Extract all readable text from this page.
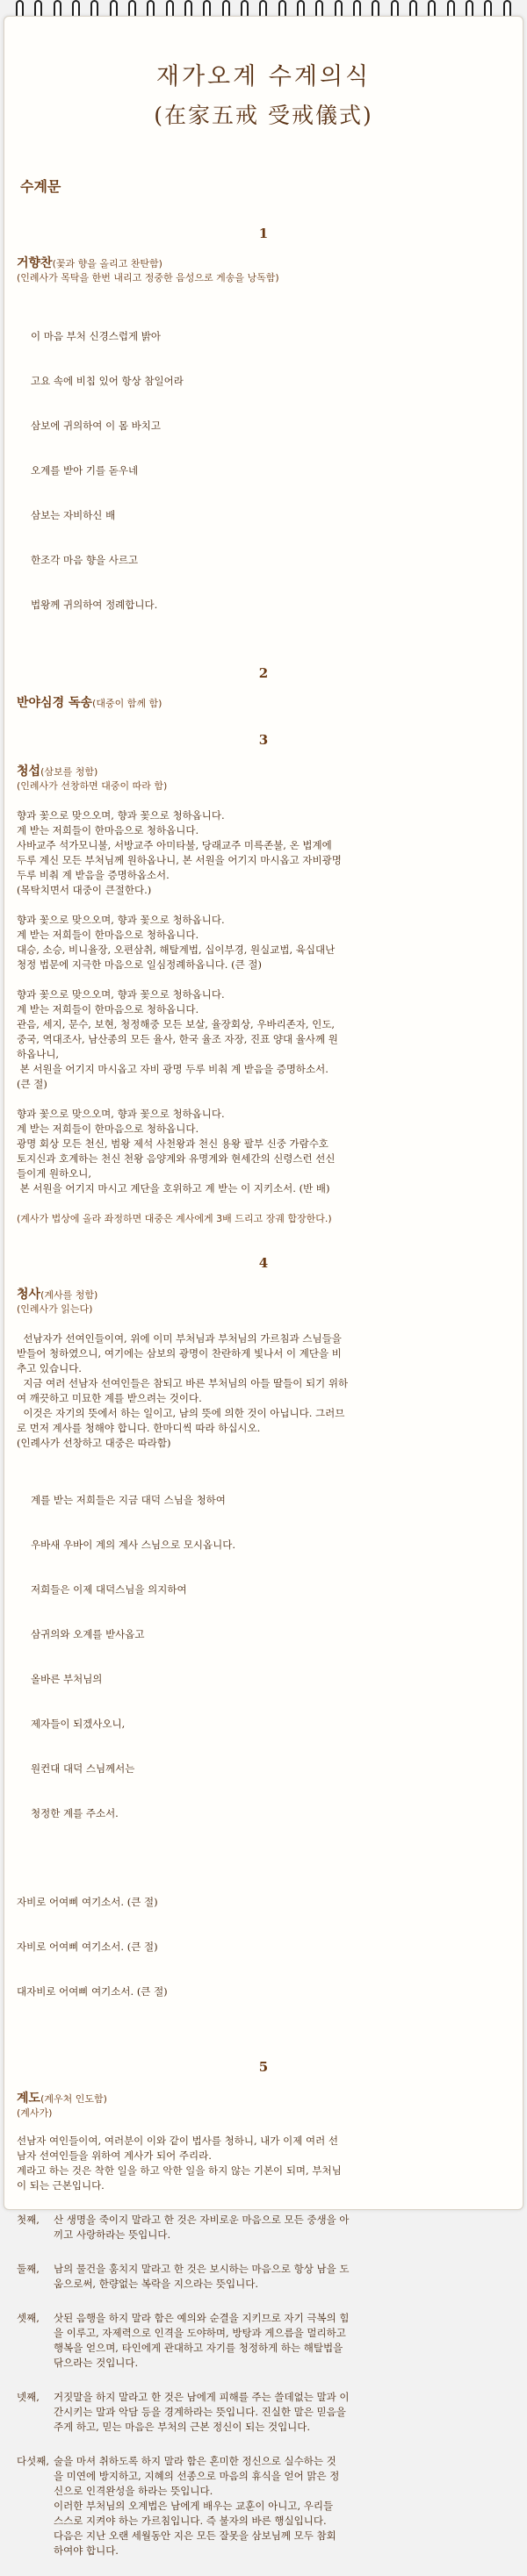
재가오계 수계의식
(在家五戒 受戒儀式)
수계문
1
거향찬(꽃과 향을 올리고 찬탄함)
(인례사가 목탁을 한번 내리고 정중한 음성으로 게송을 낭독함)

이 마음 부처 신경스럽게 밝아

고요 속에 비칩 있어 항상 참일어라

삼보에 귀의하여 이 몸 바치고

오계를 받아 기를 돋우네

삼보는 자비하신 배

한조각 마음 향을 사르고

법왕께 귀의하여 정례합니다.

2
반야심경 독송(대중이 함께 함)
3
청섭(삼보를 청함)
(인례사가 선창하면 대중이 따라 함)
향과 꽃으로 맞으오며, 향과 꽃으로 청하옵니다.
계 받는 저희들이 한마음으로 청하옵니다.
사바교주 석가모니불, 서방교주 아미타불, 당래교주 미륵존불, 온 법계에
두루 계신 모든 부처님께 원하옵나니, 본 서원을 어기지 마시옵고 자비광명
두루 비춰 계 받음을 증명하옵소서.
(목탁치면서 대중이 큰절한다.)
향과 꽃으로 맞으오며, 향과 꽃으로 청하옵니다.
계 받는 저희들이 한마음으로 청하옵니다.
대승, 소승, 비니율장, 오편삼취, 해탈계법, 십이부경, 원실교법, 육십대난
청정 법문에 지극한 마음으로 일심정례하옵니다. (큰 절)
향과 꽃으로 맞으오며, 향과 꽃으로 청하옵니다.
계 받는 저희들이 한마음으로 청하옵니다.
관음, 세지, 문수, 보현, 청정해중 모든 보살, 율장회상, 우바리존자, 인도,
중국, 역대조사, 남산종의 모든 율사, 한국 율조 자장, 진표 양대 율사께 원
하옵나니,
본 서원을 어기지 마시옵고 자비 광명 두루 비춰 계 받음을 증명하소서.
(큰 절)
향과 꽃으로 맞으오며, 향과 꽃으로 청하옵니다.
계 받는 저희들이 한마음으로 청하옵니다.
광명 회상 모든 천신, 범왕 제석 사천왕과 천신 용왕 팔부 신중 가람수호
토지신과 호계하는 천신 천왕 음양계와 유명계와 현세간의 신령스런 선신
들이게 원하오니,
본 서원을 어기지 마시고 계단을 호위하고 계 받는 이 지키소서. (반 배)
(계사가 법상에 올라 좌정하면 대중은 계사에게 3배 드리고 장궤 합장한다.)
4
청사(계사를 청함)
(인례사가 읽는다)
선남자가 선여인들이여, 위에 이미 부처님과 부처님의 가르침과 스님들을
받들어 청하였으니, 여기에는 삼보의 광명이 찬란하게 빛나서 이 계단을 비
추고 있습니다.
지금 여러 선남자 선여인들은 참되고 바른 부처님의 아들 딸들이 되기 위하
여 깨끗하고 미묘한 계를 받으려는 것이다.
이것은 자기의 뜻에서 하는 일이고, 남의 뜻에 의한 것이 아닙니다. 그러므
로 먼저 계사를 청해야 합니다. 한마디씩 따라 하십시오.
(인례사가 선창하고 대중은 따라함)

계를 받는 저희들은 지금 대덕 스님을 청하여

우바새 우바이 계의 계사 스님으로 모시옵니다.

저희들은 이제 대덕스님을 의지하여

삼귀의와 오계를 받사옵고

올바른 부처님의

제자들이 되겠사오니,

원컨대 대덕 스님께서는

청정한 계를 주소서.

자비로 어여삐 여기소서. (큰 절)

자비로 어여삐 여기소서. (큰 절)

대자비로 어여삐 여기소서. (큰 절)

5
계도(계우처 인도함)
(계사가)
선남자 여인들이여, 여러분이 이와 같이 법사를 청하니, 내가 이제 여러 선
남자 선여인들을 위하여 계사가 되어 주리라.
계라고 하는 것은 착한 일을 하고 악한 일을 하지 않는 기본이 되며, 부처님
이 되는 근본입니다.
첫째,	산 생명을 죽이지 말라고 한 것은 자비로운 마음으로 모든 중생을 아
끼고 사랑하라는 뜻입니다.
둘째,	남의 물건을 훔치지 말라고 한 것은 보시하는 마음으로 항상 남을 도
움으로써, 한량없는 복락을 지으라는 뜻입니다.
셋째,	삿된 음행을 하지 말라 함은 예의와 순결을 지키므로 자기 극복의 힘
을 이루고, 자제력으로 인격을 도야하며, 방탕과 게으름을 멀리하고
행복을 얻으며, 타인에게 관대하고 자기를 청정하게 하는 해탈법을
닦으라는 것입니다.
넷째,	거짓말을 하지 말라고 한 것은 남에게 피해를 주는 쓸데없는 말과 이
간시키는 말과 악담 등을 경계하라는 뜻입니다. 진실한 말은 믿음을
주게 하고, 믿는 마음은 부처의 근본 정신이 되는 것입니다.
다섯째, 술을 마셔 취하도록 하지 말라 함은 혼미한 정신으로 실수하는 것
을 미연에 방지하고, 지혜의 선종으로 마음의 휴식을 얻어 맑은 정
신으로 인격완성을 하라는 뜻입니다.
이러한 부처님의 오계법은 남에게 배우는 교훈이 아니고, 우리들
스스로 지켜야 하는 가르침입니다. 즉 불자의 바른 행실입니다.
다음은 지난 오랜 세월동안 지은 모든 잘못을 삼보님께 모두 참회
하여야 합니다.
